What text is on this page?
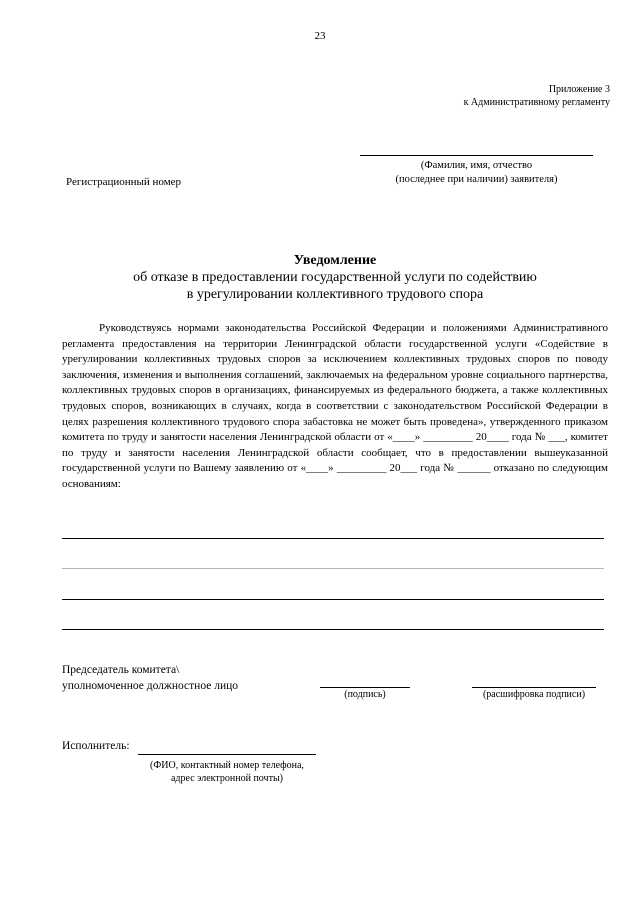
23
Приложение 3
к Административному регламенту
(Фамилия, имя, отчество
(последнее при наличии) заявителя)
Регистрационный номер
Уведомление
об отказе в предоставлении государственной услуги по содействию
в урегулировании коллективного трудового спора
Руководствуясь нормами законодательства Российской Федерации и положениями Административного регламента предоставления на территории Ленинградской области государственной услуги «Содействие в урегулировании коллективных трудовых споров за исключением коллективных трудовых споров по поводу заключения, изменения и выполнения соглашений, заключаемых на федеральном уровне социального партнерства, коллективных трудовых споров в организациях, финансируемых из федерального бюджета, а также коллективных трудовых споров, возникающих в случаях, когда в соответствии с законодательством Российской Федерации в целях разрешения коллективного трудового спора забастовка не может быть проведена», утвержденного приказом комитета по труду и занятости населения Ленинградской области от «____» _________ 20____ года № ___, комитет по труду и занятости населения Ленинградской области сообщает, что в предоставлении вышеуказанной государственной услуги по Вашему заявлению от «____» _________ 20___ года № ______ отказано по следующим основаниям:
Председатель комитета\
уполномоченное должностное лицо
(подпись)	(расшифровка подписи)
Исполнитель:
(ФИО, контактный номер телефона,
адрес электронной почты)
